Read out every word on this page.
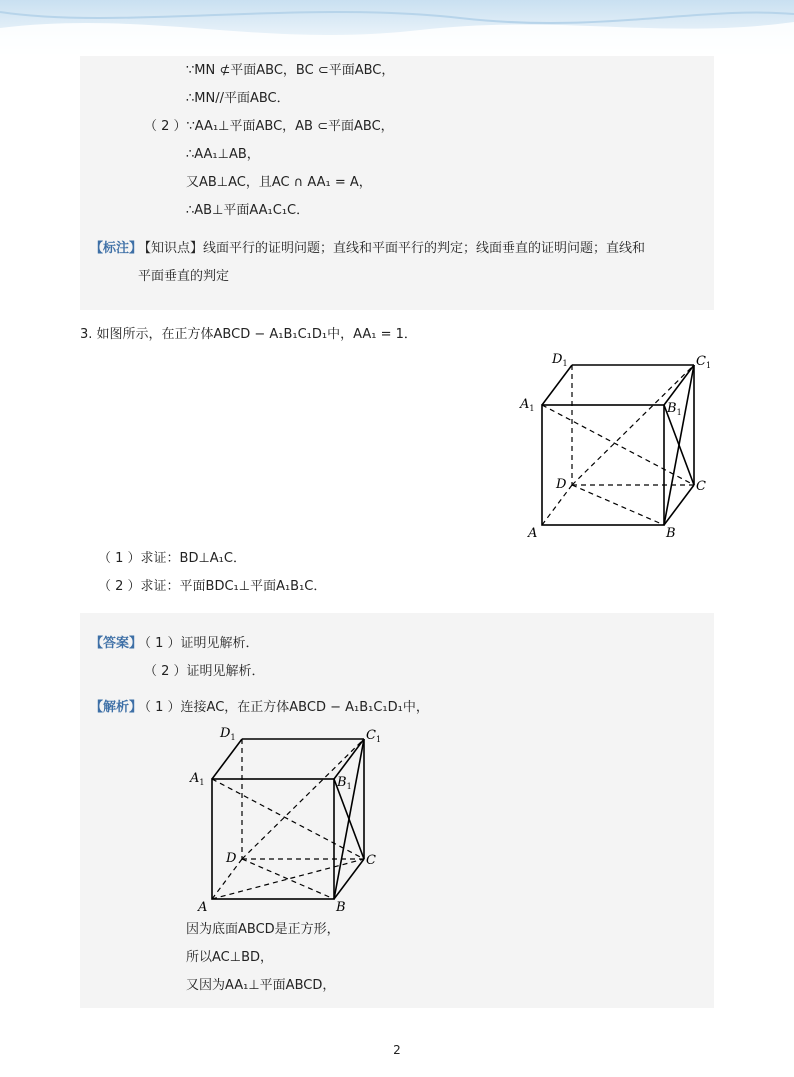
∵MN ⊄平面ABC，BC ⊂平面ABC，
∴MN//平面ABC．
（ 2 ）∵AA₁⊥平面ABC，AB ⊂平面ABC，
∴AA₁⊥AB，
又AB⊥AC，且AC ∩ AA₁ = A，
∴AB⊥平面AA₁C₁C．
【标注】
【知识点】线面平行的证明问题；直线和平面平行的判定；线面垂直的证明问题；直线和
平面垂直的判定
3. 如图所示，在正方体ABCD − A₁B₁C₁D₁中，AA₁ = 1．
A	B
C
D
$A_1$	$B_1$
$C_1$
$D_1$
（ 1 ）求证：BD⊥A₁C．
（ 2 ）求证：平面BDC₁⊥平面A₁B₁C．
【答案】
（ 1 ）证明见解析．
（ 2 ）证明见解析．
【解析】
（ 1 ）连接AC，在正方体ABCD − A₁B₁C₁D₁中，
A	B
C
D
$A_1$	$B_1$
$C_1$
$D_1$
因为底面ABCD是正方形，
所以AC⊥BD，
又因为AA₁⊥平面ABCD，
2
